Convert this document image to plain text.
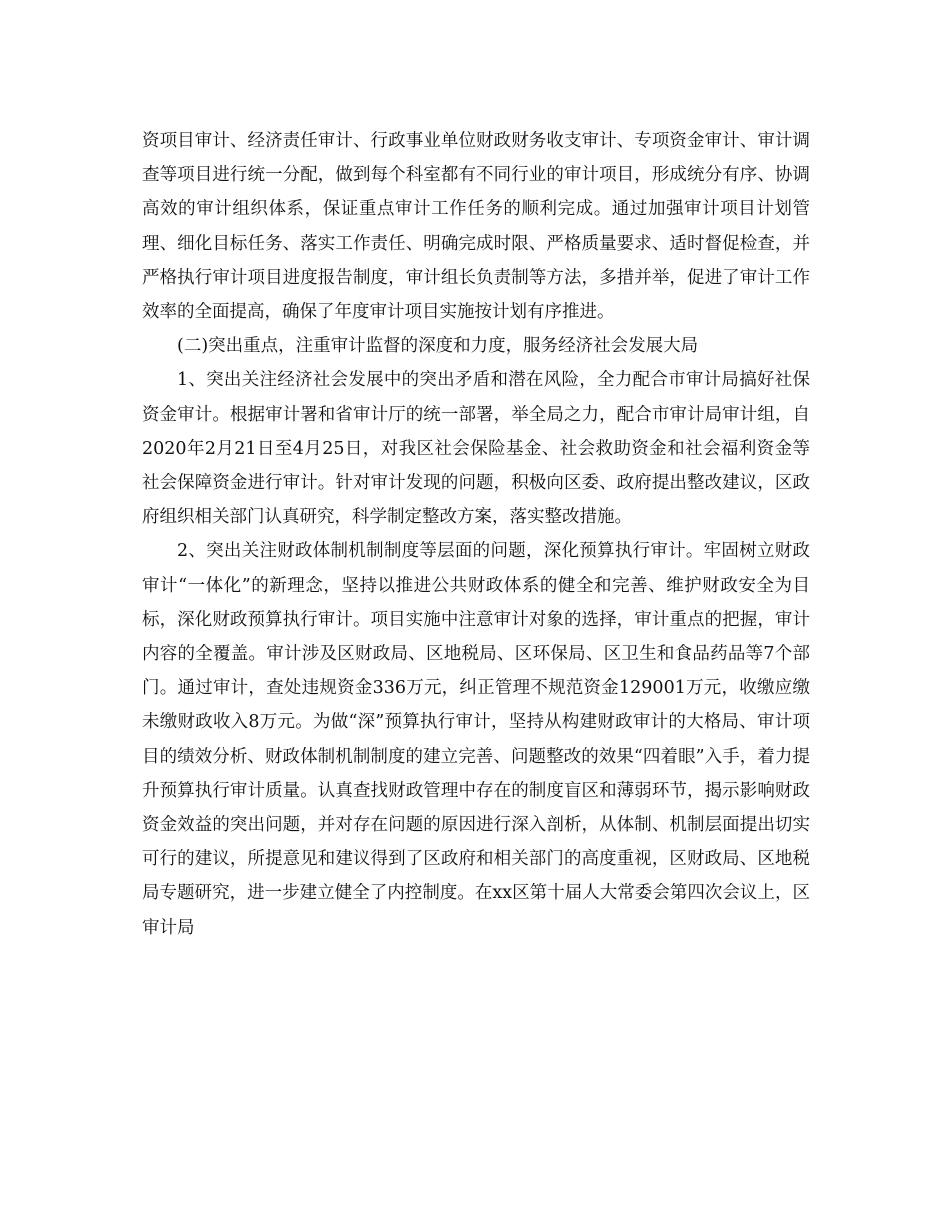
资项目审计、经济责任审计、行政事业单位财政财务收支审计、专项资金审计、审计调查等项目进行统一分配，做到每个科室都有不同行业的审计项目，形成统分有序、协调高效的审计组织体系，保证重点审计工作任务的顺利完成。通过加强审计项目计划管理、细化目标任务、落实工作责任、明确完成时限、严格质量要求、适时督促检查，并严格执行审计项目进度报告制度，审计组长负责制等方法，多措并举，促进了审计工作效率的全面提高，确保了年度审计项目实施按计划有序推进。

(二)突出重点，注重审计监督的深度和力度，服务经济社会发展大局

1、突出关注经济社会发展中的突出矛盾和潜在风险，全力配合市审计局搞好社保资金审计。根据审计署和省审计厅的统一部署，举全局之力，配合市审计局审计组，自2020年2月21日至4月25日，对我区社会保险基金、社会救助资金和社会福利资金等社会保障资金进行审计。针对审计发现的问题，积极向区委、政府提出整改建议，区政府组织相关部门认真研究，科学制定整改方案，落实整改措施。

2、突出关注财政体制机制制度等层面的问题，深化预算执行审计。牢固树立财政审计“一体化”的新理念，坚持以推进公共财政体系的健全和完善、维护财政安全为目标，深化财政预算执行审计。项目实施中注意审计对象的选择，审计重点的把握，审计内容的全覆盖。审计涉及区财政局、区地税局、区环保局、区卫生和食品药品等7个部门。通过审计，查处违规资金336万元，纠正管理不规范资金129001万元，收缴应缴未缴财政收入8万元。为做“深”预算执行审计，坚持从构建财政审计的大格局、审计项目的绩效分析、财政体制机制制度的建立完善、问题整改的效果“四着眼”入手，着力提升预算执行审计质量。认真查找财政管理中存在的制度盲区和薄弱环节，揭示影响财政资金效益的突出问题，并对存在问题的原因进行深入剖析，从体制、机制层面提出切实可行的建议，所提意见和建议得到了区政府和相关部门的高度重视，区财政局、区地税局专题研究，进一步建立健全了内控制度。在xx区第十届人大常委会第四次会议上，区审计局
